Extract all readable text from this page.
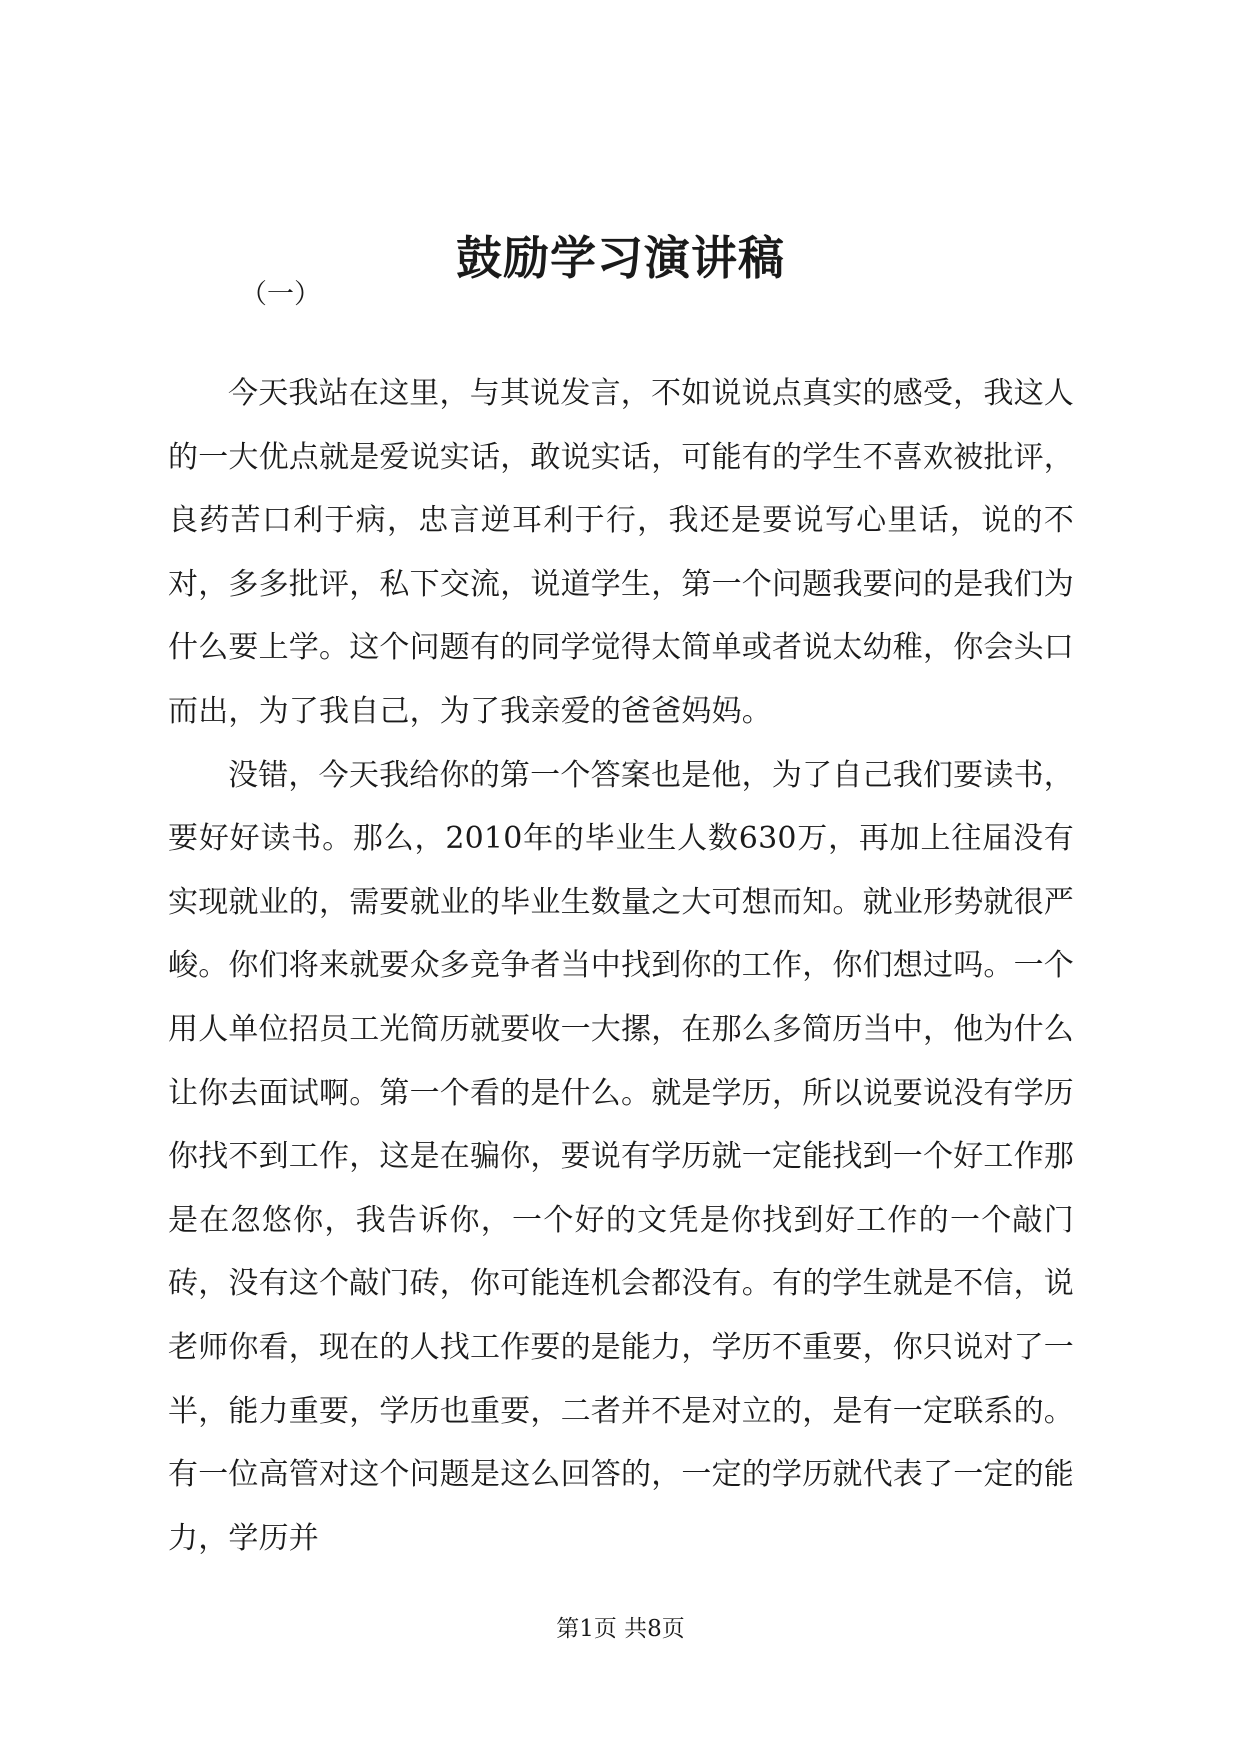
鼓励学习演讲稿
（一）

今天我站在这里，与其说发言，不如说说点真实的感受，我这人的一大优点就是爱说实话，敢说实话，可能有的学生不喜欢被批评，良药苦口利于病，忠言逆耳利于行，我还是要说写心里话，说的不对，多多批评，私下交流，说道学生，第一个问题我要问的是我们为什么要上学。这个问题有的同学觉得太简单或者说太幼稚，你会头口而出，为了我自己，为了我亲爱的爸爸妈妈。

没错，今天我给你的第一个答案也是他，为了自己我们要读书，要好好读书。那么，2010年的毕业生人数630万，再加上往届没有实现就业的，需要就业的毕业生数量之大可想而知。就业形势就很严峻。你们将来就要众多竞争者当中找到你的工作，你们想过吗。一个用人单位招员工光简历就要收一大摞，在那么多简历当中，他为什么让你去面试啊。第一个看的是什么。就是学历，所以说要说没有学历你找不到工作，这是在骗你，要说有学历就一定能找到一个好工作那是在忽悠你，我告诉你，一个好的文凭是你找到好工作的一个敲门砖，没有这个敲门砖，你可能连机会都没有。有的学生就是不信，说老师你看，现在的人找工作要的是能力，学历不重要，你只说对了一半，能力重要，学历也重要，二者并不是对立的，是有一定联系的。有一位高管对这个问题是这么回答的，一定的学历就代表了一定的能力，学历并

第1页 共8页
